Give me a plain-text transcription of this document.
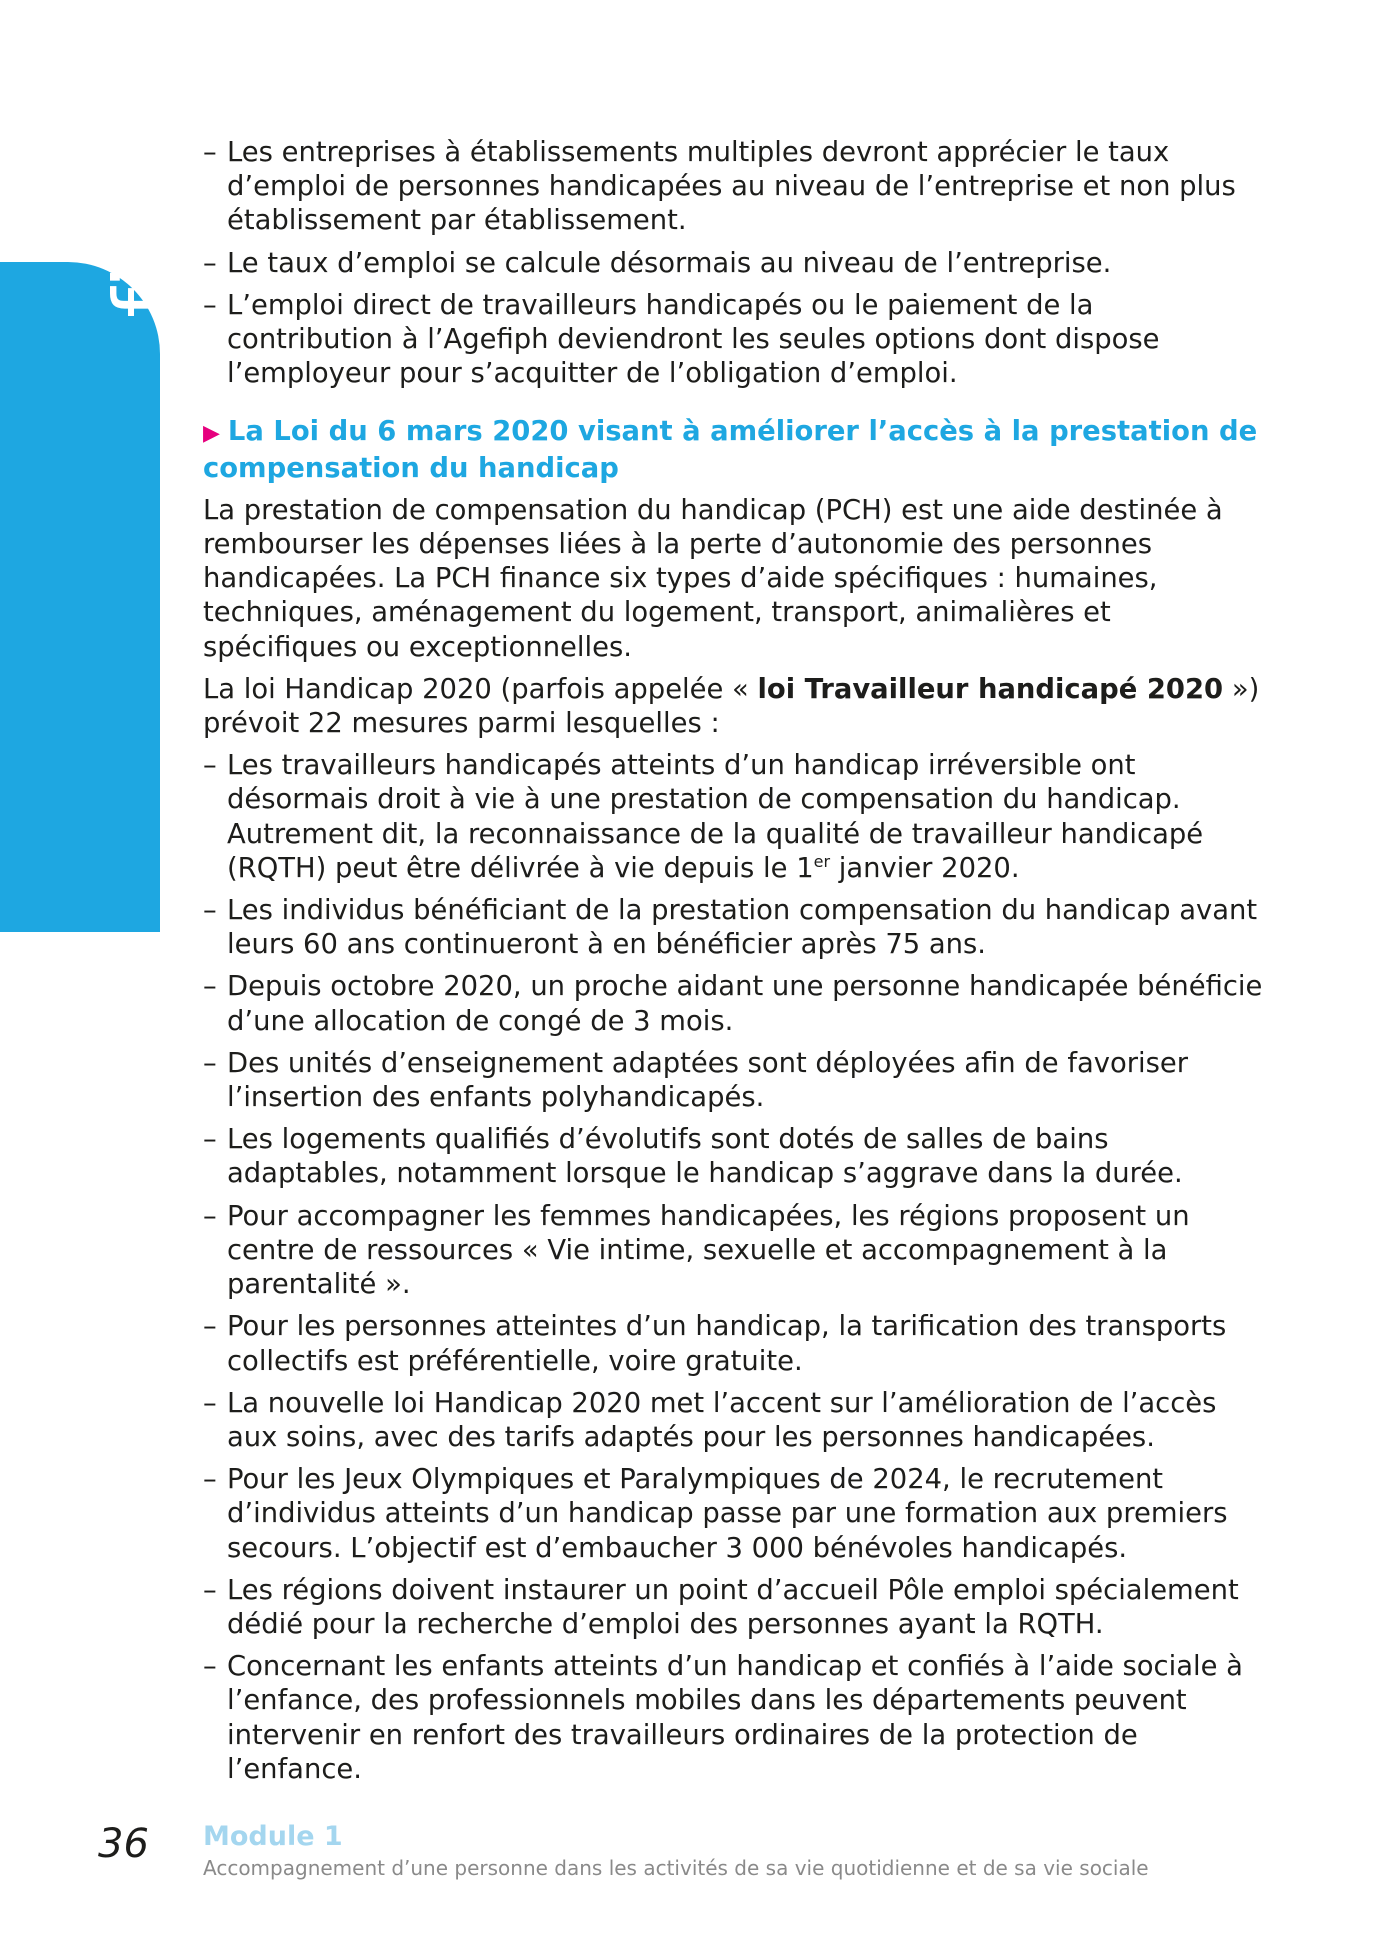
fiche
8

– Les entreprises à établissements multiples devront apprécier le taux d’emploi de personnes handicapées au niveau de l’entreprise et non plus établissement par établissement.

– Le taux d’emploi se calcule désormais au niveau de l’entreprise.

– L’emploi direct de travailleurs handicapés ou le paiement de la contribution à l’Agefiph deviendront les seules options dont dispose l’employeur pour s’acquitter de l’obligation d’emploi.

▶ La Loi du 6 mars 2020 visant à améliorer l’accès à la prestation de compensation du handicap

La prestation de compensation du handicap (PCH) est une aide destinée à rembourser les dépenses liées à la perte d’autonomie des personnes handicapées. La PCH finance six types d’aide spécifiques : humaines, techniques, aménagement du logement, transport, animalières et spécifiques ou exceptionnelles.

La loi Handicap 2020 (parfois appelée « loi Travailleur handicapé 2020 ») prévoit 22 mesures parmi lesquelles :

– Les travailleurs handicapés atteints d’un handicap irréversible ont désormais droit à vie à une prestation de compensation du handicap. Autrement dit, la reconnaissance de la qualité de travailleur handicapé (RQTH) peut être délivrée à vie depuis le 1er janvier 2020.

– Les individus bénéficiant de la prestation compensation du handicap avant leurs 60 ans continueront à en bénéficier après 75 ans.

– Depuis octobre 2020, un proche aidant une personne handicapée bénéficie d’une allocation de congé de 3 mois.

– Des unités d’enseignement adaptées sont déployées afin de favoriser l’insertion des enfants polyhandicapés.

– Les logements qualifiés d’évolutifs sont dotés de salles de bains adaptables, notamment lorsque le handicap s’aggrave dans la durée.

– Pour accompagner les femmes handicapées, les régions proposent un centre de ressources « Vie intime, sexuelle et accompagnement à la parentalité ».

– Pour les personnes atteintes d’un handicap, la tarification des transports collectifs est préférentielle, voire gratuite.

– La nouvelle loi Handicap 2020 met l’accent sur l’amélioration de l’accès aux soins, avec des tarifs adaptés pour les personnes handicapées.

– Pour les Jeux Olympiques et Paralympiques de 2024, le recrutement d’individus atteints d’un handicap passe par une formation aux premiers secours. L’objectif est d’embaucher 3 000 bénévoles handicapés.

– Les régions doivent instaurer un point d’accueil Pôle emploi spécialement dédié pour la recherche d’emploi des personnes ayant la RQTH.

– Concernant les enfants atteints d’un handicap et confiés à l’aide sociale à l’enfance, des professionnels mobiles dans les départements peuvent intervenir en renfort des travailleurs ordinaires de la protection de l’enfance.

36 Module 1
Accompagnement d’une personne dans les activités de sa vie quotidienne et de sa vie sociale
